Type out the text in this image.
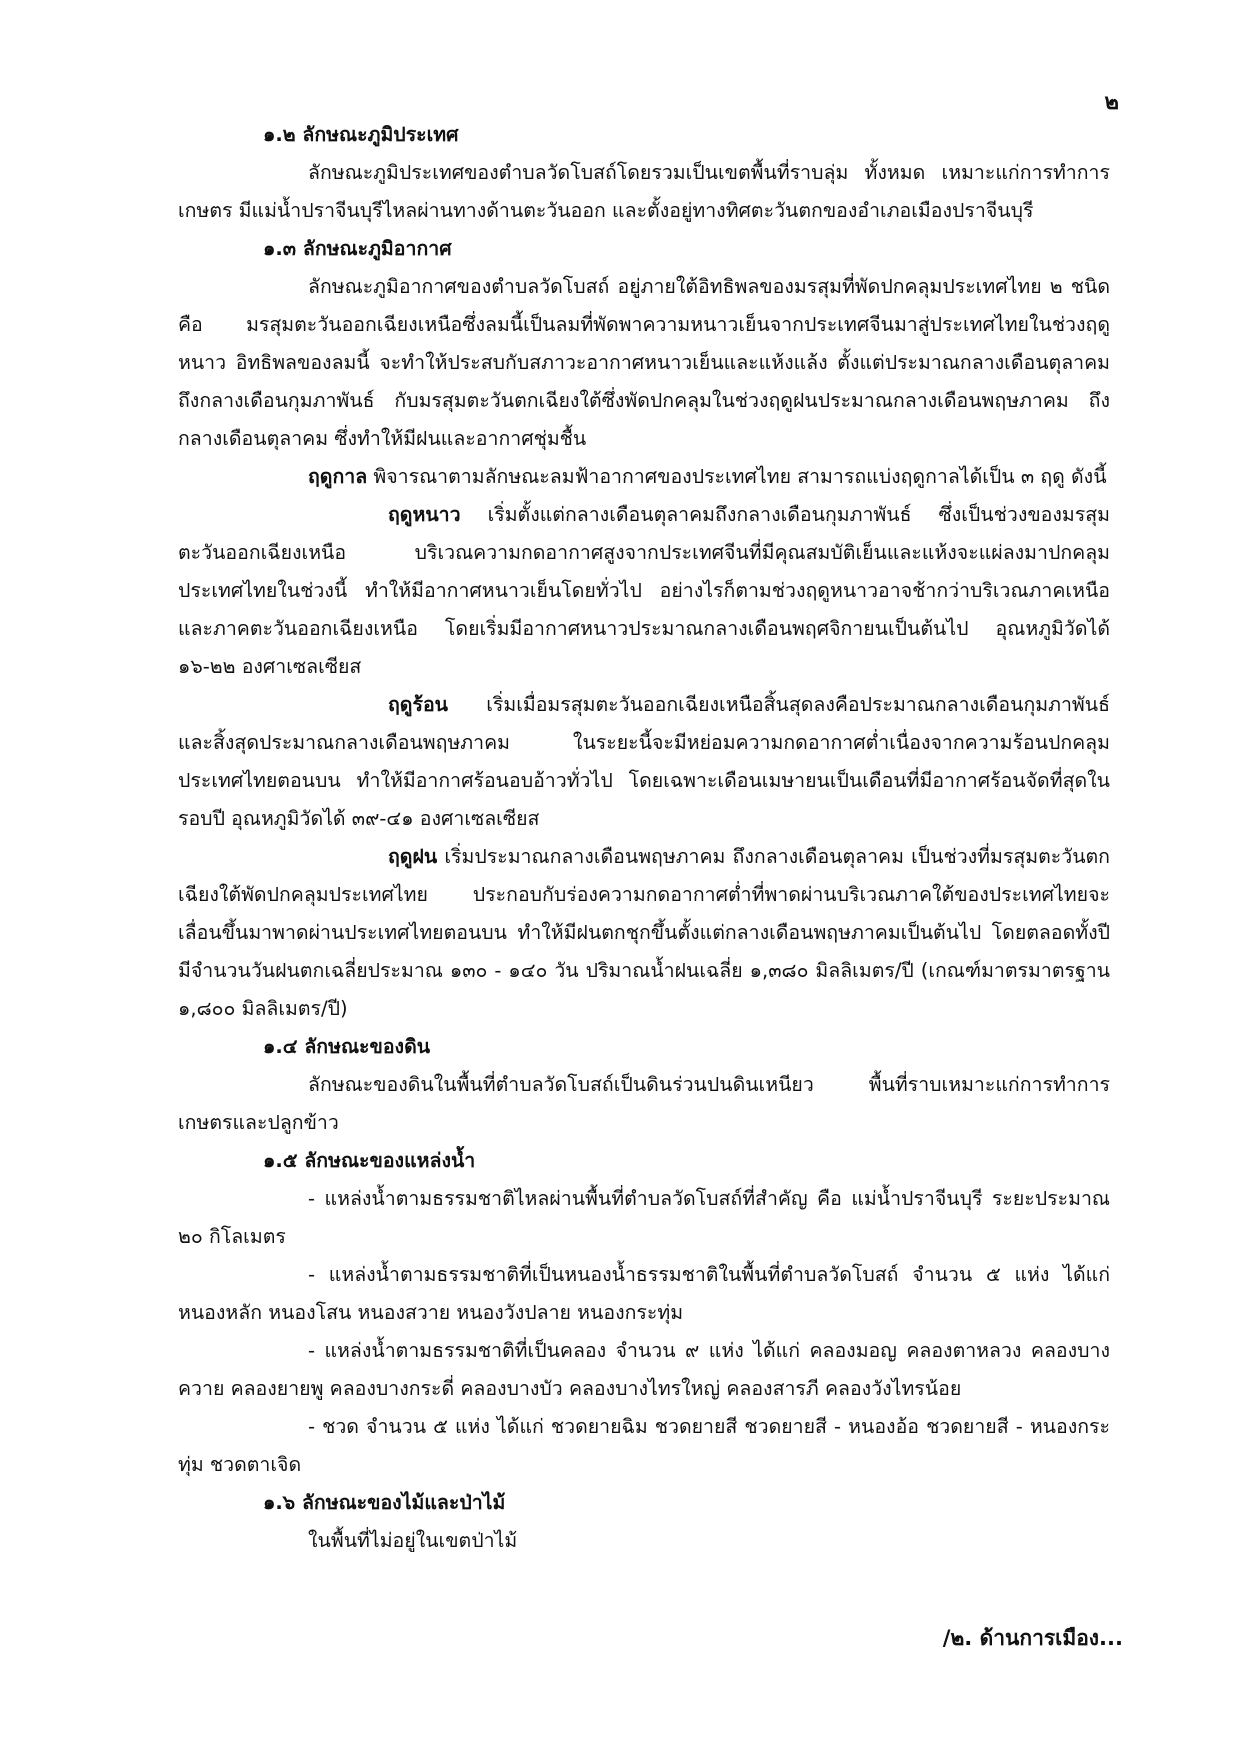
๒
๑.๒ ลักษณะภูมิประเทศ

ลักษณะภูมิประเทศของตำบลวัดโบสถ์โดยรวมเป็นเขตพื้นที่ราบลุ่ม ทั้งหมด เหมาะแก่การทำการเกษตร มีแม่น้ำปราจีนบุรีไหลผ่านทางด้านตะวันออก และตั้งอยู่ทางทิศตะวันตกของอำเภอเมืองปราจีนบุรี

๑.๓ ลักษณะภูมิอากาศ

ลักษณะภูมิอากาศของตำบลวัดโบสถ์ อยู่ภายใต้อิทธิพลของมรสุมที่พัดปกคลุมประเทศไทย ๒ ชนิด คือ มรสุมตะวันออกเฉียงเหนือซึ่งลมนี้เป็นลมที่พัดพาความหนาวเย็นจากประเทศจีนมาสู่ประเทศไทยในช่วงฤดูหนาว อิทธิพลของลมนี้ จะทำให้ประสบกับสภาวะอากาศหนาวเย็นและแห้งแล้ง ตั้งแต่ประมาณกลางเดือนตุลาคม ถึงกลางเดือนกุมภาพันธ์ กับมรสุมตะวันตกเฉียงใต้ซึ่งพัดปกคลุมในช่วงฤดูฝนประมาณกลางเดือนพฤษภาคม ถึงกลางเดือนตุลาคม ซึ่งทำให้มีฝนและอากาศชุ่มชื้น

ฤดูกาล พิจารณาตามลักษณะลมฟ้าอากาศของประเทศไทย สามารถแบ่งฤดูกาลได้เป็น ๓ ฤดู ดังนี้

ฤดูหนาว เริ่มตั้งแต่กลางเดือนตุลาคมถึงกลางเดือนกุมภาพันธ์ ซึ่งเป็นช่วงของมรสุมตะวันออกเฉียงเหนือ บริเวณความกดอากาศสูงจากประเทศจีนที่มีคุณสมบัติเย็นและแห้งจะแผ่ลงมาปกคลุมประเทศไทยในช่วงนี้ ทำให้มีอากาศหนาวเย็นโดยทั่วไป อย่างไรก็ตามช่วงฤดูหนาวอาจช้ากว่าบริเวณภาคเหนือและภาคตะวันออกเฉียงเหนือ โดยเริ่มมีอากาศหนาวประมาณกลางเดือนพฤศจิกายนเป็นต้นไป อุณหภูมิวัดได้ ๑๖-๒๒ องศาเซลเซียส

ฤดูร้อน เริ่มเมื่อมรสุมตะวันออกเฉียงเหนือสิ้นสุดลงคือประมาณกลางเดือนกุมภาพันธ์และสิ้งสุดประมาณกลางเดือนพฤษภาคม ในระยะนี้จะมีหย่อมความกดอากาศต่ำเนื่องจากความร้อนปกคลุมประเทศไทยตอนบน ทำให้มีอากาศร้อนอบอ้าวทั่วไป โดยเฉพาะเดือนเมษายนเป็นเดือนที่มีอากาศร้อนจัดที่สุดในรอบปี อุณหภูมิวัดได้ ๓๙-๔๑ องศาเซลเซียส

ฤดูฝน เริ่มประมาณกลางเดือนพฤษภาคม ถึงกลางเดือนตุลาคม เป็นช่วงที่มรสุมตะวันตกเฉียงใต้พัดปกคลุมประเทศไทย ประกอบกับร่องความกดอากาศต่ำที่พาดผ่านบริเวณภาคใต้ของประเทศไทยจะเลื่อนขึ้นมาพาดผ่านประเทศไทยตอนบน ทำให้มีฝนตกชุกขึ้นตั้งแต่กลางเดือนพฤษภาคมเป็นต้นไป โดยตลอดทั้งปีมีจำนวนวันฝนตกเฉลี่ยประมาณ ๑๓๐ - ๑๔๐ วัน ปริมาณน้ำฝนเฉลี่ย ๑,๓๘๐ มิลลิเมตร/ปี (เกณฑ์มาตรมาตรฐาน ๑,๘๐๐ มิลลิเมตร/ปี)

๑.๔ ลักษณะของดิน

ลักษณะของดินในพื้นที่ตำบลวัดโบสถ์เป็นดินร่วนปนดินเหนียว พื้นที่ราบเหมาะแก่การทำการเกษตรและปลูกข้าว

๑.๕ ลักษณะของแหล่งน้ำ

- แหล่งน้ำตามธรรมชาติไหลผ่านพื้นที่ตำบลวัดโบสถ์ที่สำคัญ คือ แม่น้ำปราจีนบุรี ระยะประมาณ ๒๐ กิโลเมตร

- แหล่งน้ำตามธรรมชาติที่เป็นหนองน้ำธรรมชาติในพื้นที่ตำบลวัดโบสถ์ จำนวน ๕ แห่ง ได้แก่ หนองหลัก หนองโสน หนองสวาย หนองวังปลาย หนองกระทุ่ม

- แหล่งน้ำตามธรรมชาติที่เป็นคลอง จำนวน ๙ แห่ง ได้แก่ คลองมอญ คลองตาหลวง คลองบางควาย คลองยายพู คลองบางกระดี่ คลองบางบัว คลองบางไทรใหญ่ คลองสารภี คลองวังไทรน้อย

- ชวด จำนวน ๕ แห่ง ได้แก่ ชวดยายฉิม ชวดยายสี ชวดยายสี - หนองอ้อ ชวดยายสี - หนองกระทุ่ม ชวดตาเจิด

๑.๖ ลักษณะของไม้และป่าไม้

ในพื้นที่ไม่อยู่ในเขตป่าไม้

/๒. ด้านการเมือง...
